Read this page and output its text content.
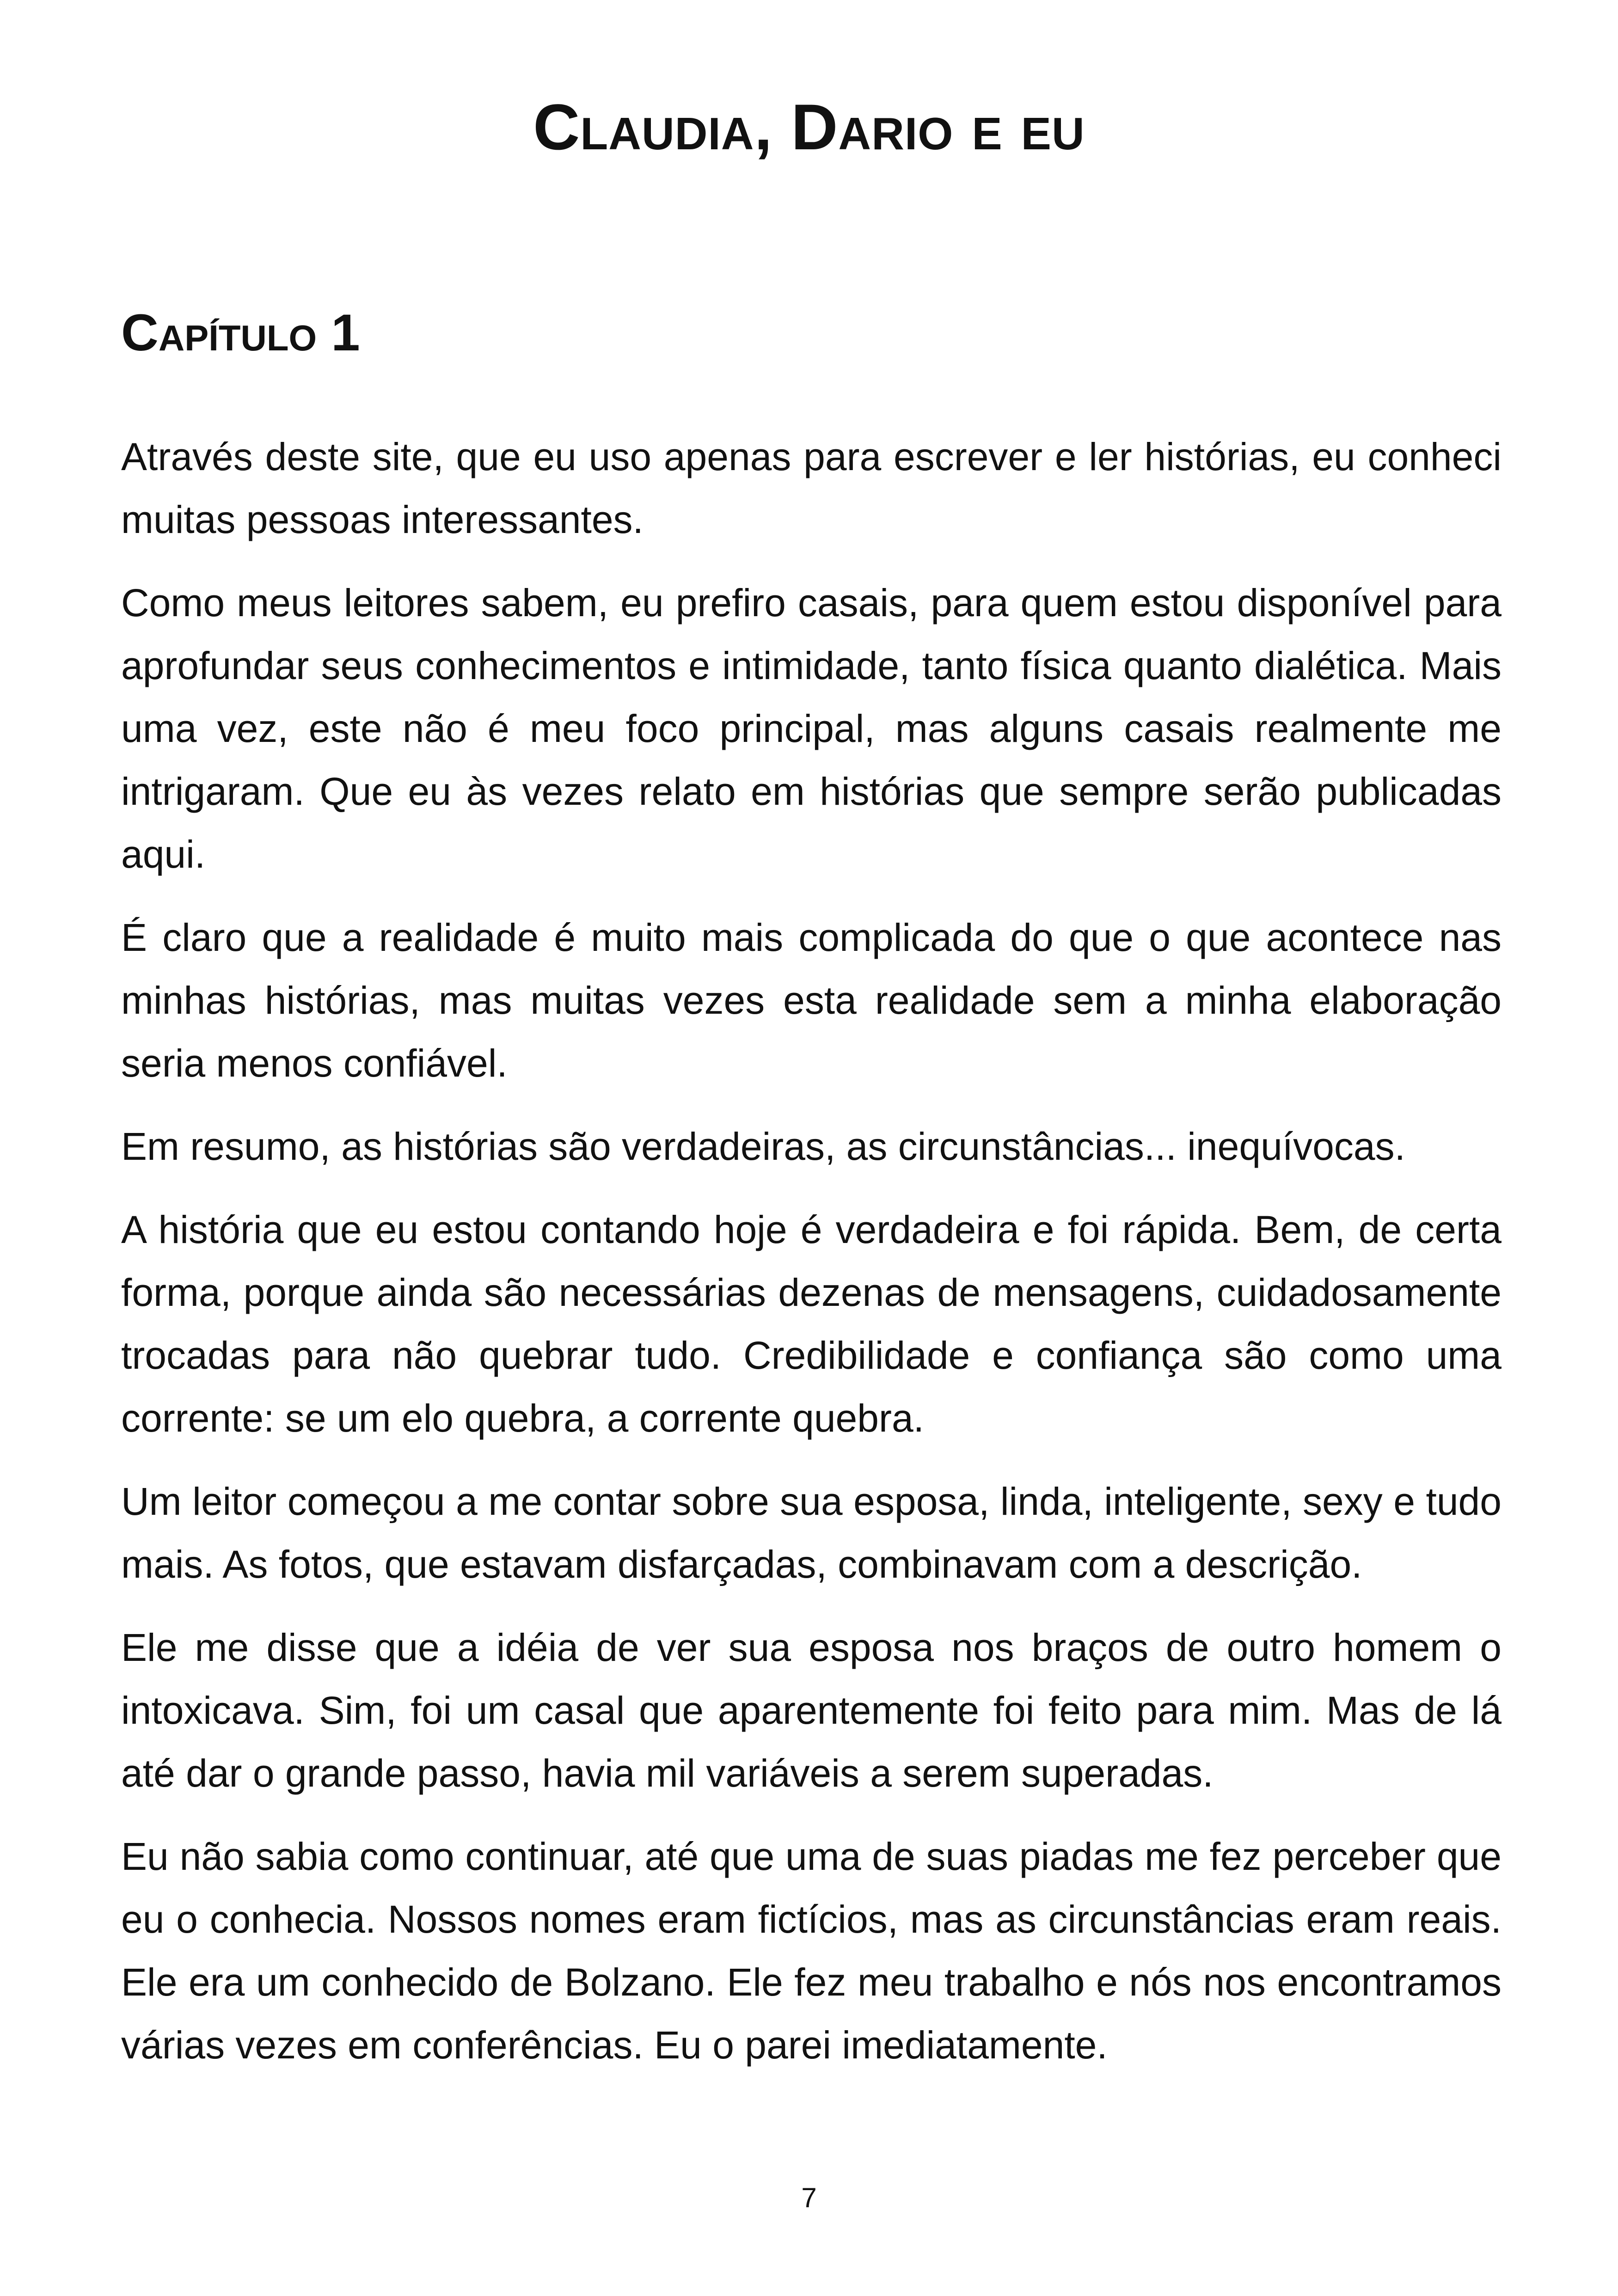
Claudia, Dario e eu
Capítulo 1

Através deste site, que eu uso apenas para escrever e ler histórias, eu conheci muitas pessoas interessantes.

Como meus leitores sabem, eu prefiro casais, para quem estou disponível para aprofundar seus conhecimentos e intimidade, tanto física quanto dialética. Mais uma vez, este não é meu foco principal, mas alguns casais realmente me intrigaram. Que eu às vezes relato em histórias que sempre serão publicadas aqui.

É claro que a realidade é muito mais complicada do que o que acontece nas minhas histórias, mas muitas vezes esta realidade sem a minha elaboração seria menos confiável.

Em resumo, as histórias são verdadeiras, as circunstâncias... inequívocas.

A história que eu estou contando hoje é verdadeira e foi rápida. Bem, de certa forma, porque ainda são necessárias dezenas de mensagens, cuidadosamente trocadas para não quebrar tudo. Credibilidade e confiança são como uma corrente: se um elo quebra, a corrente quebra.

Um leitor começou a me contar sobre sua esposa, linda, inteligente, sexy e tudo mais. As fotos, que estavam disfarçadas, combinavam com a descrição.

Ele me disse que a idéia de ver sua esposa nos braços de outro homem o intoxicava. Sim, foi um casal que aparentemente foi feito para mim. Mas de lá até dar o grande passo, havia mil variáveis a serem superadas.

Eu não sabia como continuar, até que uma de suas piadas me fez perceber que eu o conhecia. Nossos nomes eram fictícios, mas as circunstâncias eram reais. Ele era um conhecido de Bolzano. Ele fez meu trabalho e nós nos encontramos várias vezes em conferências. Eu o parei imediatamente.

7
